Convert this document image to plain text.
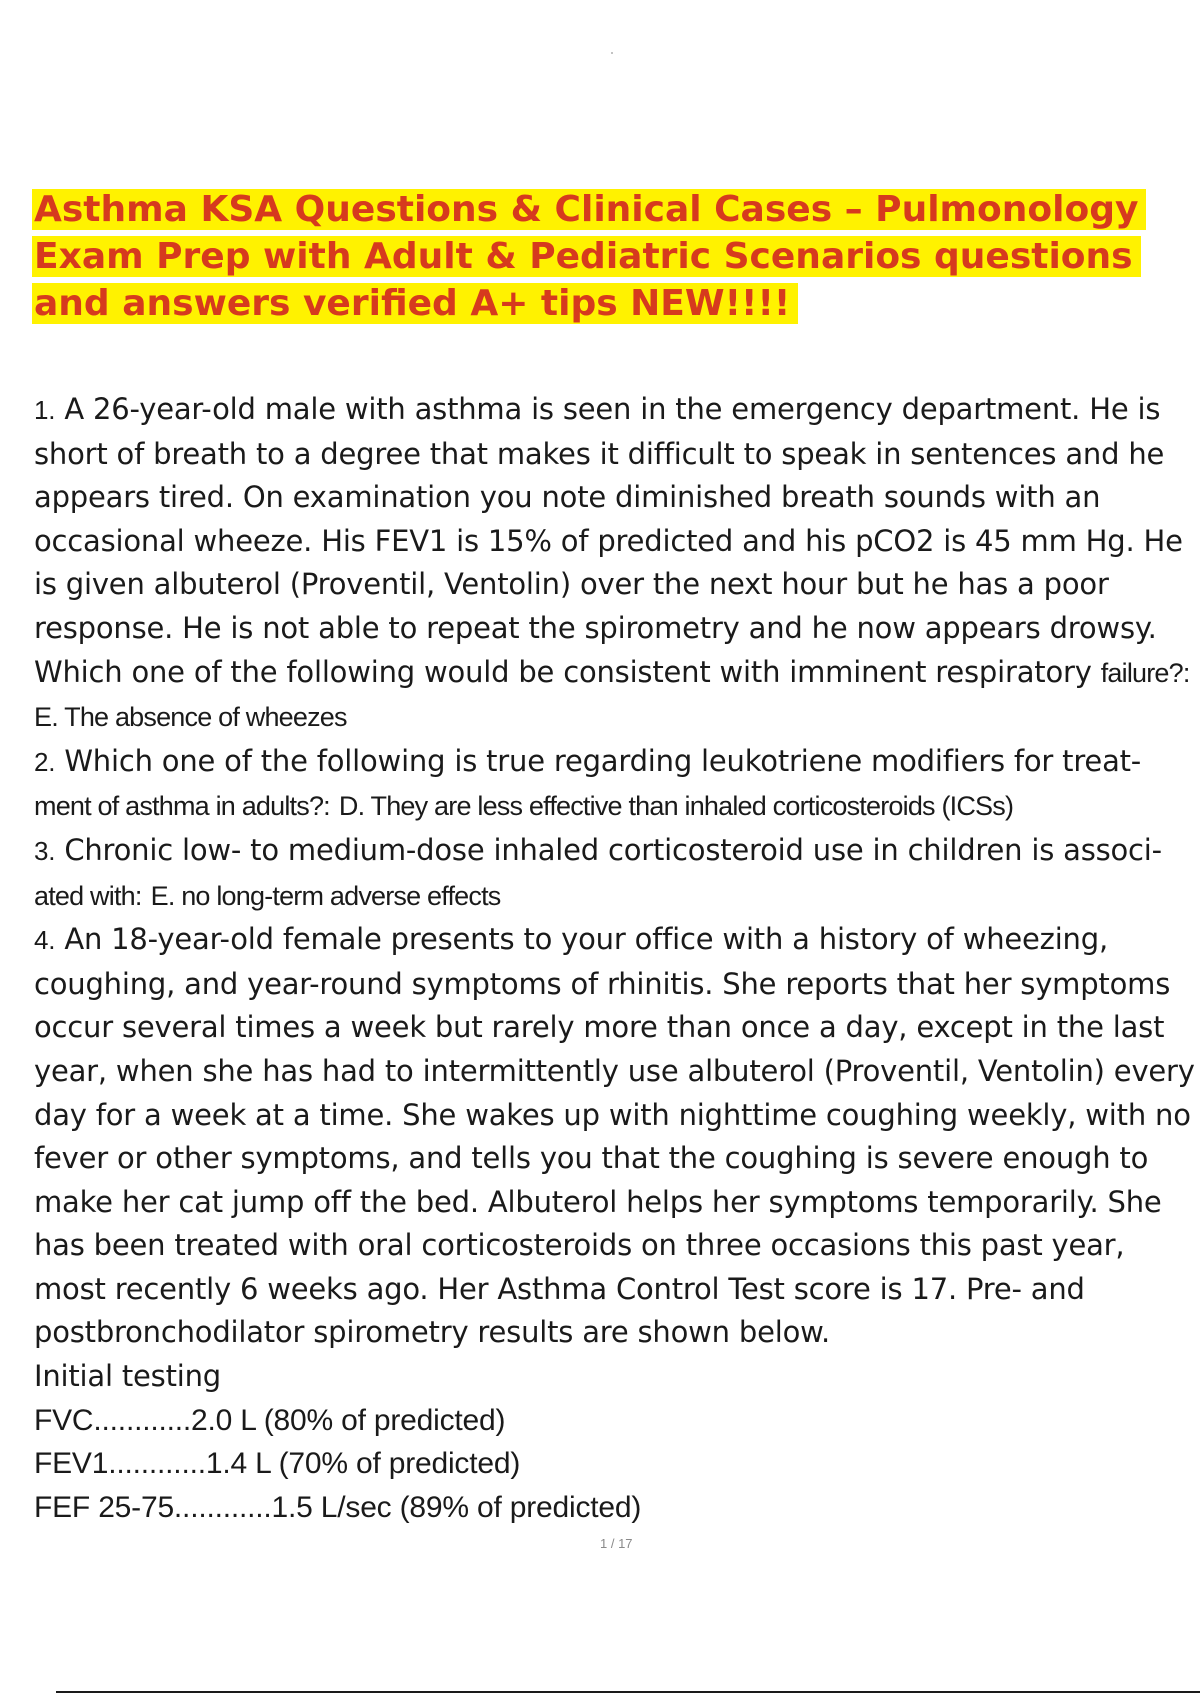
Asthma KSA Questions & Clinical Cases – Pulmonology Exam Prep with Adult & Pediatric Scenarios questions and answers verified A+ tips NEW!!!!

1. A 26-year-old male with asthma is seen in the emergency department. He is short of breath to a degree that makes it difficult to speak in sentences and he appears tired. On examination you note diminished breath sounds with an occasional wheeze. His FEV1 is 15% of predicted and his pCO2 is 45 mm Hg. He is given albuterol (Proventil, Ventolin) over the next hour but he has a poor response. He is not able to repeat the spirometry and he now appears drowsy. Which one of the following would be consistent with imminent respiratory failure?: E. The absence of wheezes

2. Which one of the following is true regarding leukotriene modifiers for treat- ment of asthma in adults?: D. They are less effective than inhaled corticosteroids (ICSs)

3. Chronic low- to medium-dose inhaled corticosteroid use in children is associ- ated with: E. no long-term adverse effects

4. An 18-year-old female presents to your office with a history of wheezing, coughing, and year-round symptoms of rhinitis. She reports that her symptoms occur several times a week but rarely more than once a day, except in the last year, when she has had to intermittently use albuterol (Proventil, Ventolin) every day for a week at a time. She wakes up with nighttime coughing weekly, with no fever or other symptoms, and tells you that the coughing is severe enough to make her cat jump off the bed. Albuterol helps her symptoms temporarily. She has been treated with oral corticosteroids on three occasions this past year, most recently 6 weeks ago. Her Asthma Control Test score is 17. Pre- and postbronchodilator spirometry results are shown below.

Initial testing

FVC............2.0 L (80% of predicted)

FEV1............1.4 L (70% of predicted)

FEF 25-75............1.5 L/sec (89% of predicted)

1 / 17
